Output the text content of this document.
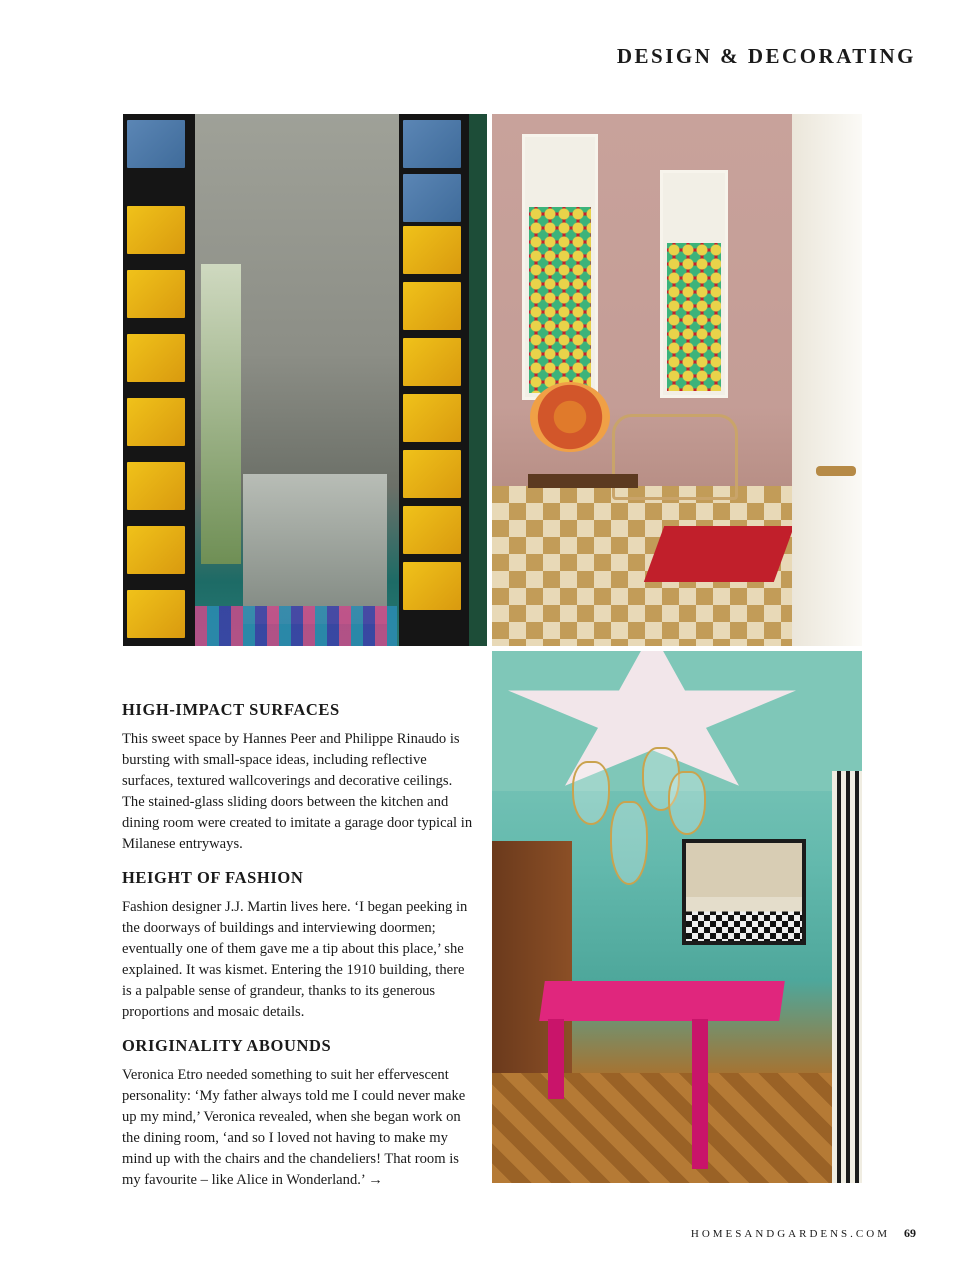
DESIGN & DECORATING
HIGH-IMPACT SURFACES

This sweet space by Hannes Peer and Philippe Rinaudo is bursting with small-space ideas, including reflective surfaces, textured wallcoverings and decorative ceilings. The stained-glass sliding doors between the kitchen and dining room were created to imitate a garage door typical in Milanese entryways.

HEIGHT OF FASHION

Fashion designer J.J. Martin lives here. ‘I began peeking in the doorways of buildings and interviewing doormen; eventually one of them gave me a tip about this place,’ she explained. It was kismet. Entering the 1910 building, there is a palpable sense of grandeur, thanks to its generous proportions and mosaic details.

ORIGINALITY ABOUNDS

Veronica Etro needed something to suit her effervescent personality: ‘My father always told me I could never make up my mind,’ Veronica revealed, when she began work on the dining room, ‘and so I loved not having to make my mind up with the chairs and the chandeliers! That room is my favourite – like Alice in Wonderland.’ →

HOMESANDGARDENS.COM 69
